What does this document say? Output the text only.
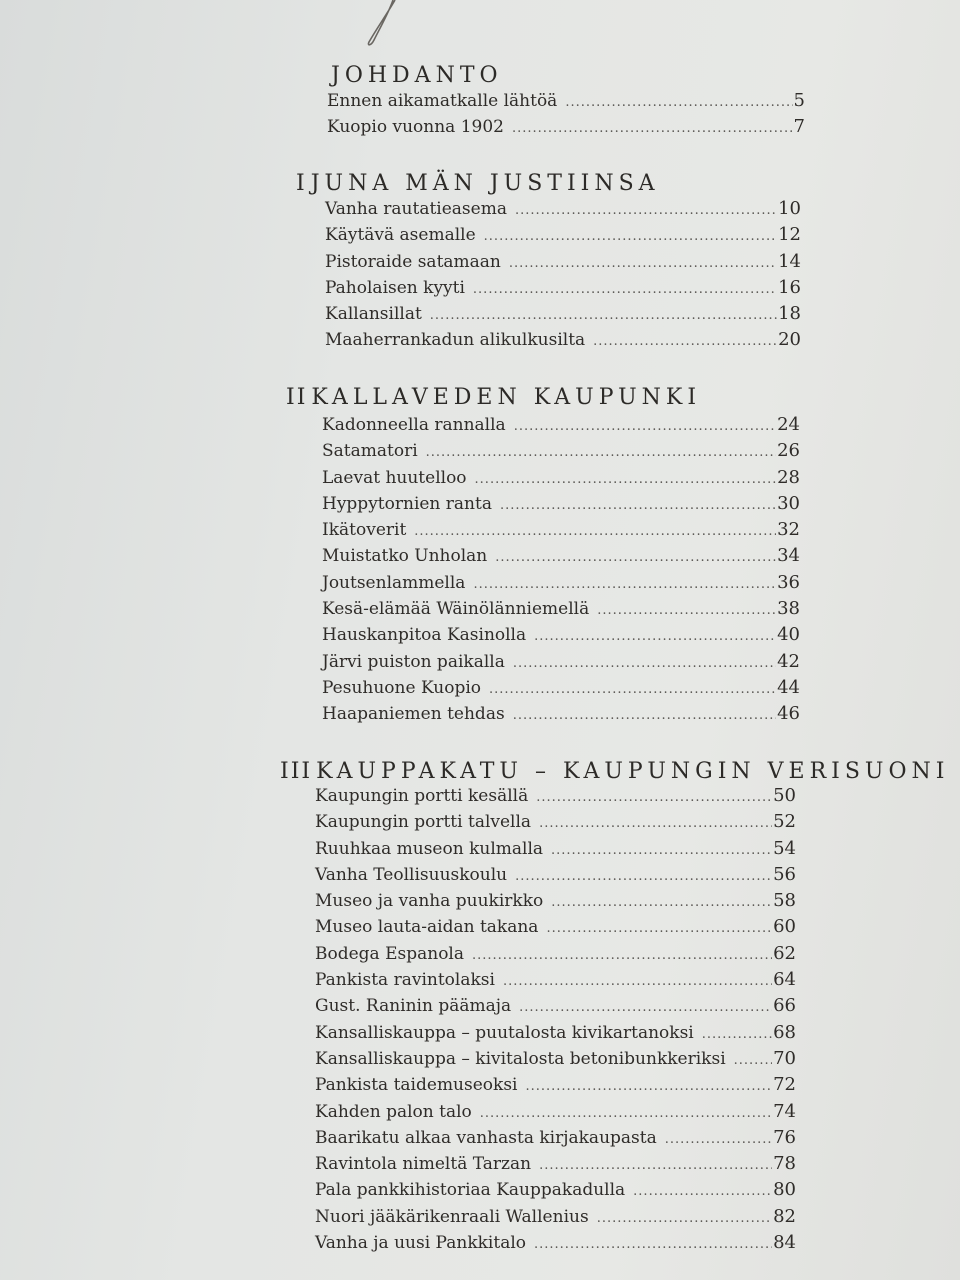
JOHDANTO
Ennen aikamatkalle lähtöä .....	5
Kuopio vuonna 1902 .....	7
I JUNA MÄN JUSTIINSA
Vanha rautatieasema .....	10
Käytävä asemalle .....	12
Pistoraide satamaan .....	14
Paholaisen kyyti .....	16
Kallansillat .....	18
Maaherrankadun alikulkusilta .....	20
II KALLAVEDEN KAUPUNKI
Kadonneella rannalla .....	24
Satamatori .....	26
Laevat huutelloo .....	28
Hyppytornien ranta .....	30
Ikätoverit .....	32
Muistatko Unholan .....	34
Joutsenlammella .....	36
Kesä-elämää Wäinölänniemellä .....	38
Hauskanpitoa Kasinolla .....	40
Järvi puiston paikalla .....	42
Pesuhuone Kuopio .....	44
Haapaniemen tehdas .....	46
III KAUPPAKATU – KAUPUNGIN VERISUONI
Kaupungin portti kesällä .....	50
Kaupungin portti talvella .....	52
Ruuhkaa museon kulmalla .....	54
Vanha Teollisuuskoulu .....	56
Museo ja vanha puukirkko .....	58
Museo lauta-aidan takana .....	60
Bodega Espanola .....	62
Pankista ravintolaksi .....	64
Gust. Raninin päämaja .....	66
Kansalliskauppa – puutalosta kivikartanoksi .....	68
Kansalliskauppa – kivitalosta betonibunkkeriksi .....	70
Pankista taidemuseoksi .....	72
Kahden palon talo .....	74
Baarikatu alkaa vanhasta kirjakaupasta .....	76
Ravintola nimeltä Tarzan .....	78
Pala pankkihistoriaa Kauppakadulla .....	80
Nuori jääkärikenraali Wallenius .....	82
Vanha ja uusi Pankkitalo .....	84
